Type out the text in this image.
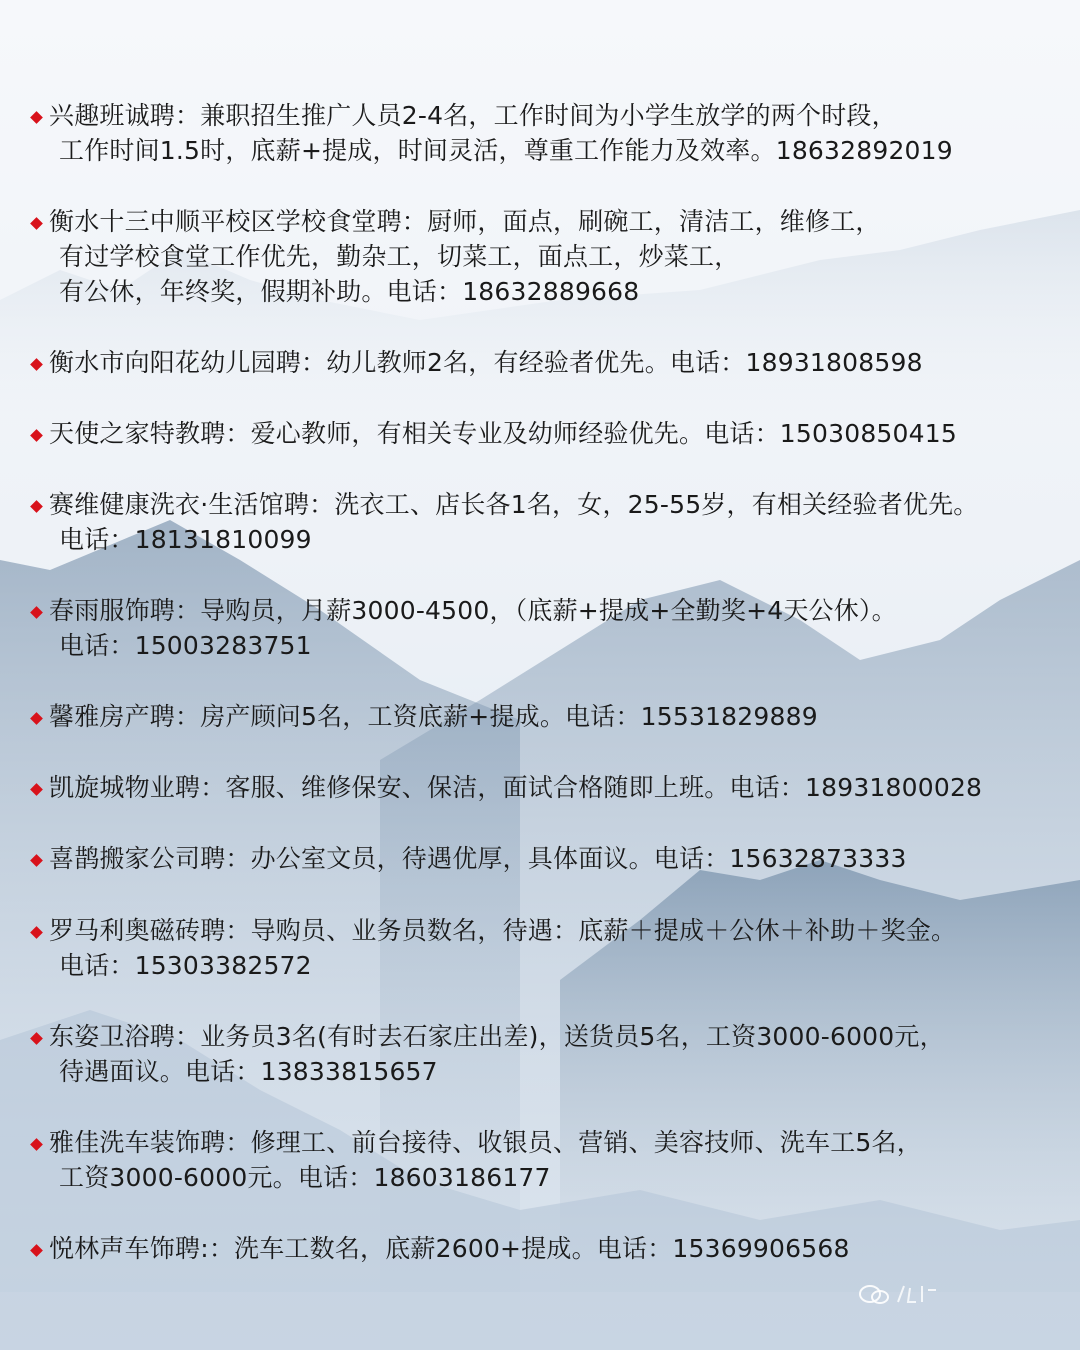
兴趣班诚聘：兼职招生推广人员2-4名，工作时间为小学生放学的两个时段，
工作时间1.5时，底薪+提成，时间灵活，尊重工作能力及效率。18632892019
衡水十三中顺平校区学校食堂聘：厨师，面点，刷碗工，清洁工，维修工，
有过学校食堂工作优先，勤杂工，切菜工，面点工，炒菜工，
有公休，年终奖，假期补助。电话：18632889668
衡水市向阳花幼儿园聘：幼儿教师2名，有经验者优先。电话：18931808598
天使之家特教聘：爱心教师，有相关专业及幼师经验优先。电话：15030850415
赛维健康洗衣·生活馆聘：洗衣工、店长各1名，女，25-55岁，有相关经验者优先。
电话：18131810099
春雨服饰聘：导购员，月薪3000-4500，（底薪+提成+全勤奖+4天公休）。
电话：15003283751
馨雅房产聘：房产顾问5名，工资底薪+提成。电话：15531829889
凯旋城物业聘：客服、维修保安、保洁，面试合格随即上班。电话：18931800028
喜鹊搬家公司聘：办公室文员，待遇优厚，具体面议。电话：15632873333
罗马利奥磁砖聘：导购员、业务员数名，待遇：底薪＋提成＋公休＋补助＋奖金。
电话：15303382572
东姿卫浴聘：业务员3名(有时去石家庄出差)，送货员5名，工资3000-6000元，
待遇面议。电话：13833815657
雅佳洗车装饰聘：修理工、前台接待、收银员、营销、美容技师、洗车工5名，
工资3000-6000元。电话：18603186177
悦林声车饰聘:：洗车工数名，底薪2600+提成。电话：15369906568
